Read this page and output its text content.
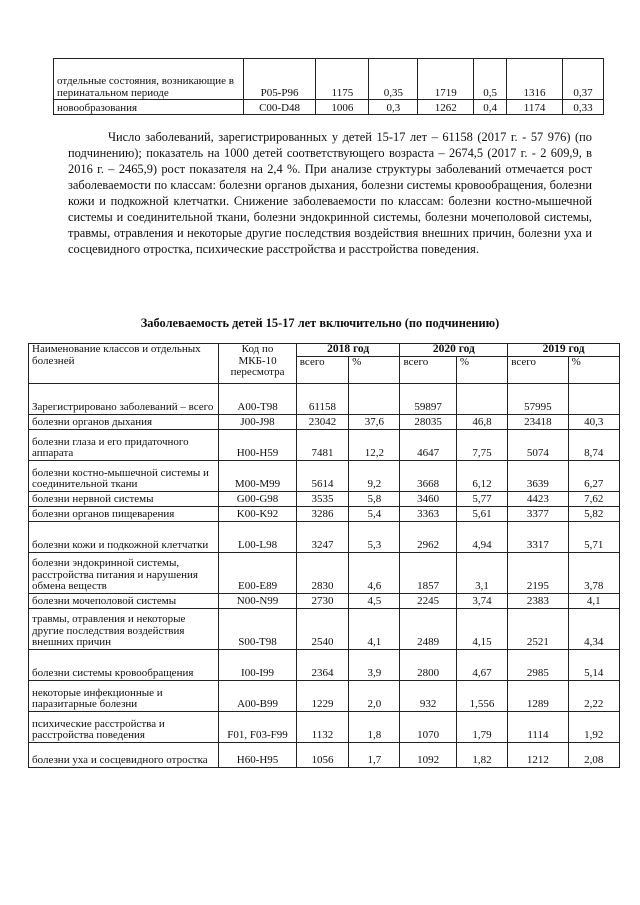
отдельные состояния, возникающие в перинатальном периоде	P05-P96	1175	0,35	1719	0,5	1316	0,37
новообразования	C00-D48	1006	0,3	1262	0,4	1174	0,33

Число заболеваний, зарегистрированных у детей 15-17 лет – 61158 (2017 г. - 57 976) (по подчинению); показатель на 1000 детей соответствующего возраста – 2674,5 (2017 г. - 2 609,9, в 2016 г. – 2465,9) рост показателя на 2,4 %. При анализе структуры заболеваний отмечается рост заболеваемости по классам: болезни органов дыхания, болезни системы кровообращения, болезни кожи и подкожной клетчатки. Снижение заболеваемости по классам: болезни костно-мышечной системы и соединительной ткани, болезни эндокринной системы, болезни мочеполовой системы, травмы, отравления и некоторые другие последствия воздействия внешних причин, болезни уха и сосцевидного отростка, психические расстройства и расстройства поведения.

Заболеваемость детей 15-17 лет включительно (по подчинению)
Наименование классов и отдельных болезней	Код по МКБ-10 пересмотра	2018 год		2020 год		2019 год	
		всего	%	всего	%	всего	%
Зарегистрировано заболеваний – всего	A00-T98	61158		59897		57995	
болезни органов дыхания	J00-J98	23042	37,6	28035	46,8	23418	40,3
болезни глаза и его придаточного аппарата	H00-H59	7481	12,2	4647	7,75	5074	8,74
болезни костно-мышечной системы и соединительной ткани	M00-M99	5614	9,2	3668	6,12	3639	6,27
болезни нервной системы	G00-G98	3535	5,8	3460	5,77	4423	7,62
болезни органов пищеварения	K00-K92	3286	5,4	3363	5,61	3377	5,82
болезни кожи и подкожной клетчатки	L00-L98	3247	5,3	2962	4,94	3317	5,71
болезни эндокринной системы, расстройства питания и нарушения обмена веществ	E00-E89	2830	4,6	1857	3,1	2195	3,78
болезни мочеполовой системы	N00-N99	2730	4,5	2245	3,74	2383	4,1
травмы, отравления и некоторые другие последствия воздействия внешних причин	S00-T98	2540	4,1	2489	4,15	2521	4,34
болезни системы кровообращения	I00-I99	2364	3,9	2800	4,67	2985	5,14
некоторые инфекционные и паразитарные болезни	A00-B99	1229	2,0	932	1,556	1289	2,22
психические расстройства и расстройства поведения	F01, F03-F99	1132	1,8	1070	1,79	1114	1,92
болезни уха и сосцевидного отростка	H60-H95	1056	1,7	1092	1,82	1212	2,08
